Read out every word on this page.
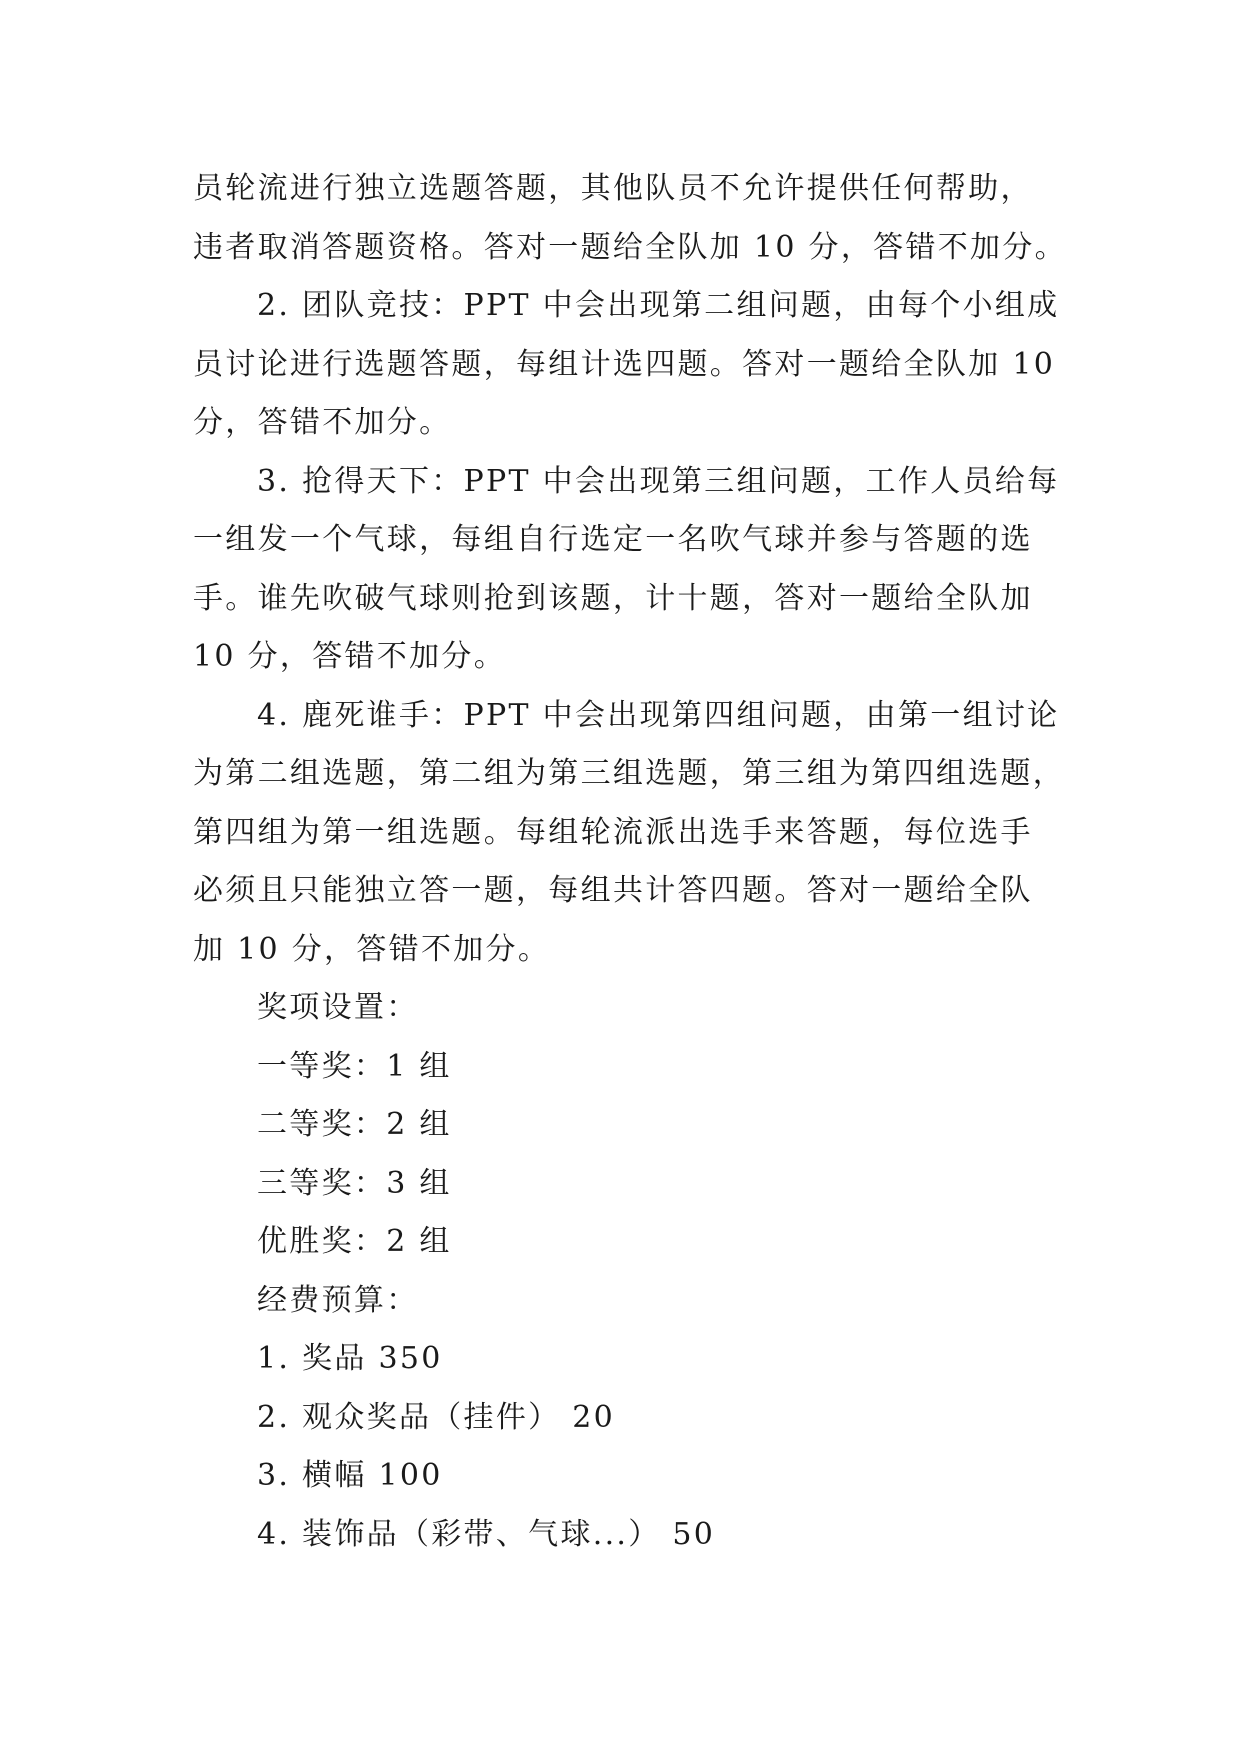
员轮流进行独立选题答题，其他队员不允许提供任何帮助，
违者取消答题资格。答对一题给全队加 10 分，答错不加分。
2. 团队竞技：PPT 中会出现第二组问题，由每个小组成
员讨论进行选题答题，每组计选四题。答对一题给全队加 10
分，答错不加分。
3. 抢得天下：PPT 中会出现第三组问题，工作人员给每
一组发一个气球，每组自行选定一名吹气球并参与答题的选
手。谁先吹破气球则抢到该题，计十题，答对一题给全队加
10 分，答错不加分。
4. 鹿死谁手：PPT 中会出现第四组问题，由第一组讨论
为第二组选题，第二组为第三组选题，第三组为第四组选题，
第四组为第一组选题。每组轮流派出选手来答题，每位选手
必须且只能独立答一题，每组共计答四题。答对一题给全队
加 10 分，答错不加分。
奖项设置：
一等奖：1 组
二等奖：2 组
三等奖：3 组
优胜奖：2 组
经费预算：
1. 奖品 350
2. 观众奖品（挂件） 20
3. 横幅 100
4. 装饰品（彩带、气球...） 50
